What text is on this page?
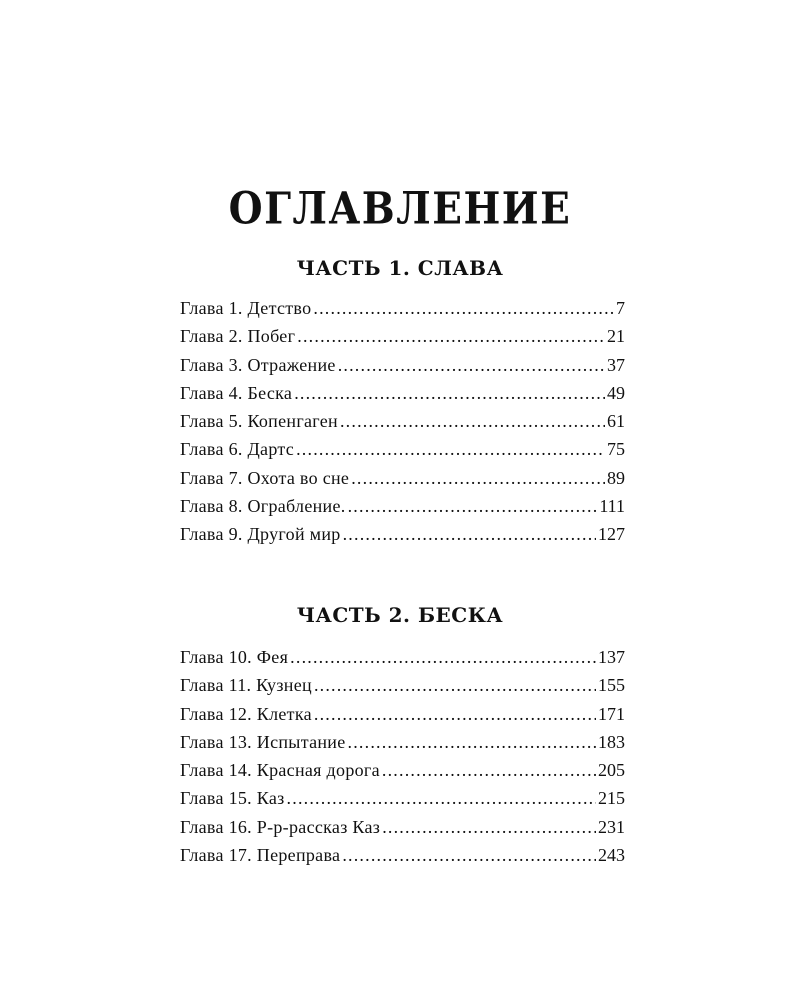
ОГЛАВЛЕНИЕ
ЧАСТЬ 1. СЛАВА
Глава 1. Детство .....	7
Глава 2. Побег .....	21
Глава 3. Отражение .....	37
Глава 4. Беска .....	49
Глава 5. Копенгаген .....	61
Глава 6. Дартс .....	75
Глава 7. Охота во сне .....	89
Глава 8. Ограбление. .....	111
Глава 9. Другой мир .....	127
ЧАСТЬ 2. БЕСКА
Глава 10. Фея .....	137
Глава 11. Кузнец .....	155
Глава 12. Клетка .....	171
Глава 13. Испытание .....	183
Глава 14. Красная дорога .....	205
Глава 15. Каз .....	215
Глава 16. Р-р-рассказ Каз .....	231
Глава 17. Переправа .....	243
